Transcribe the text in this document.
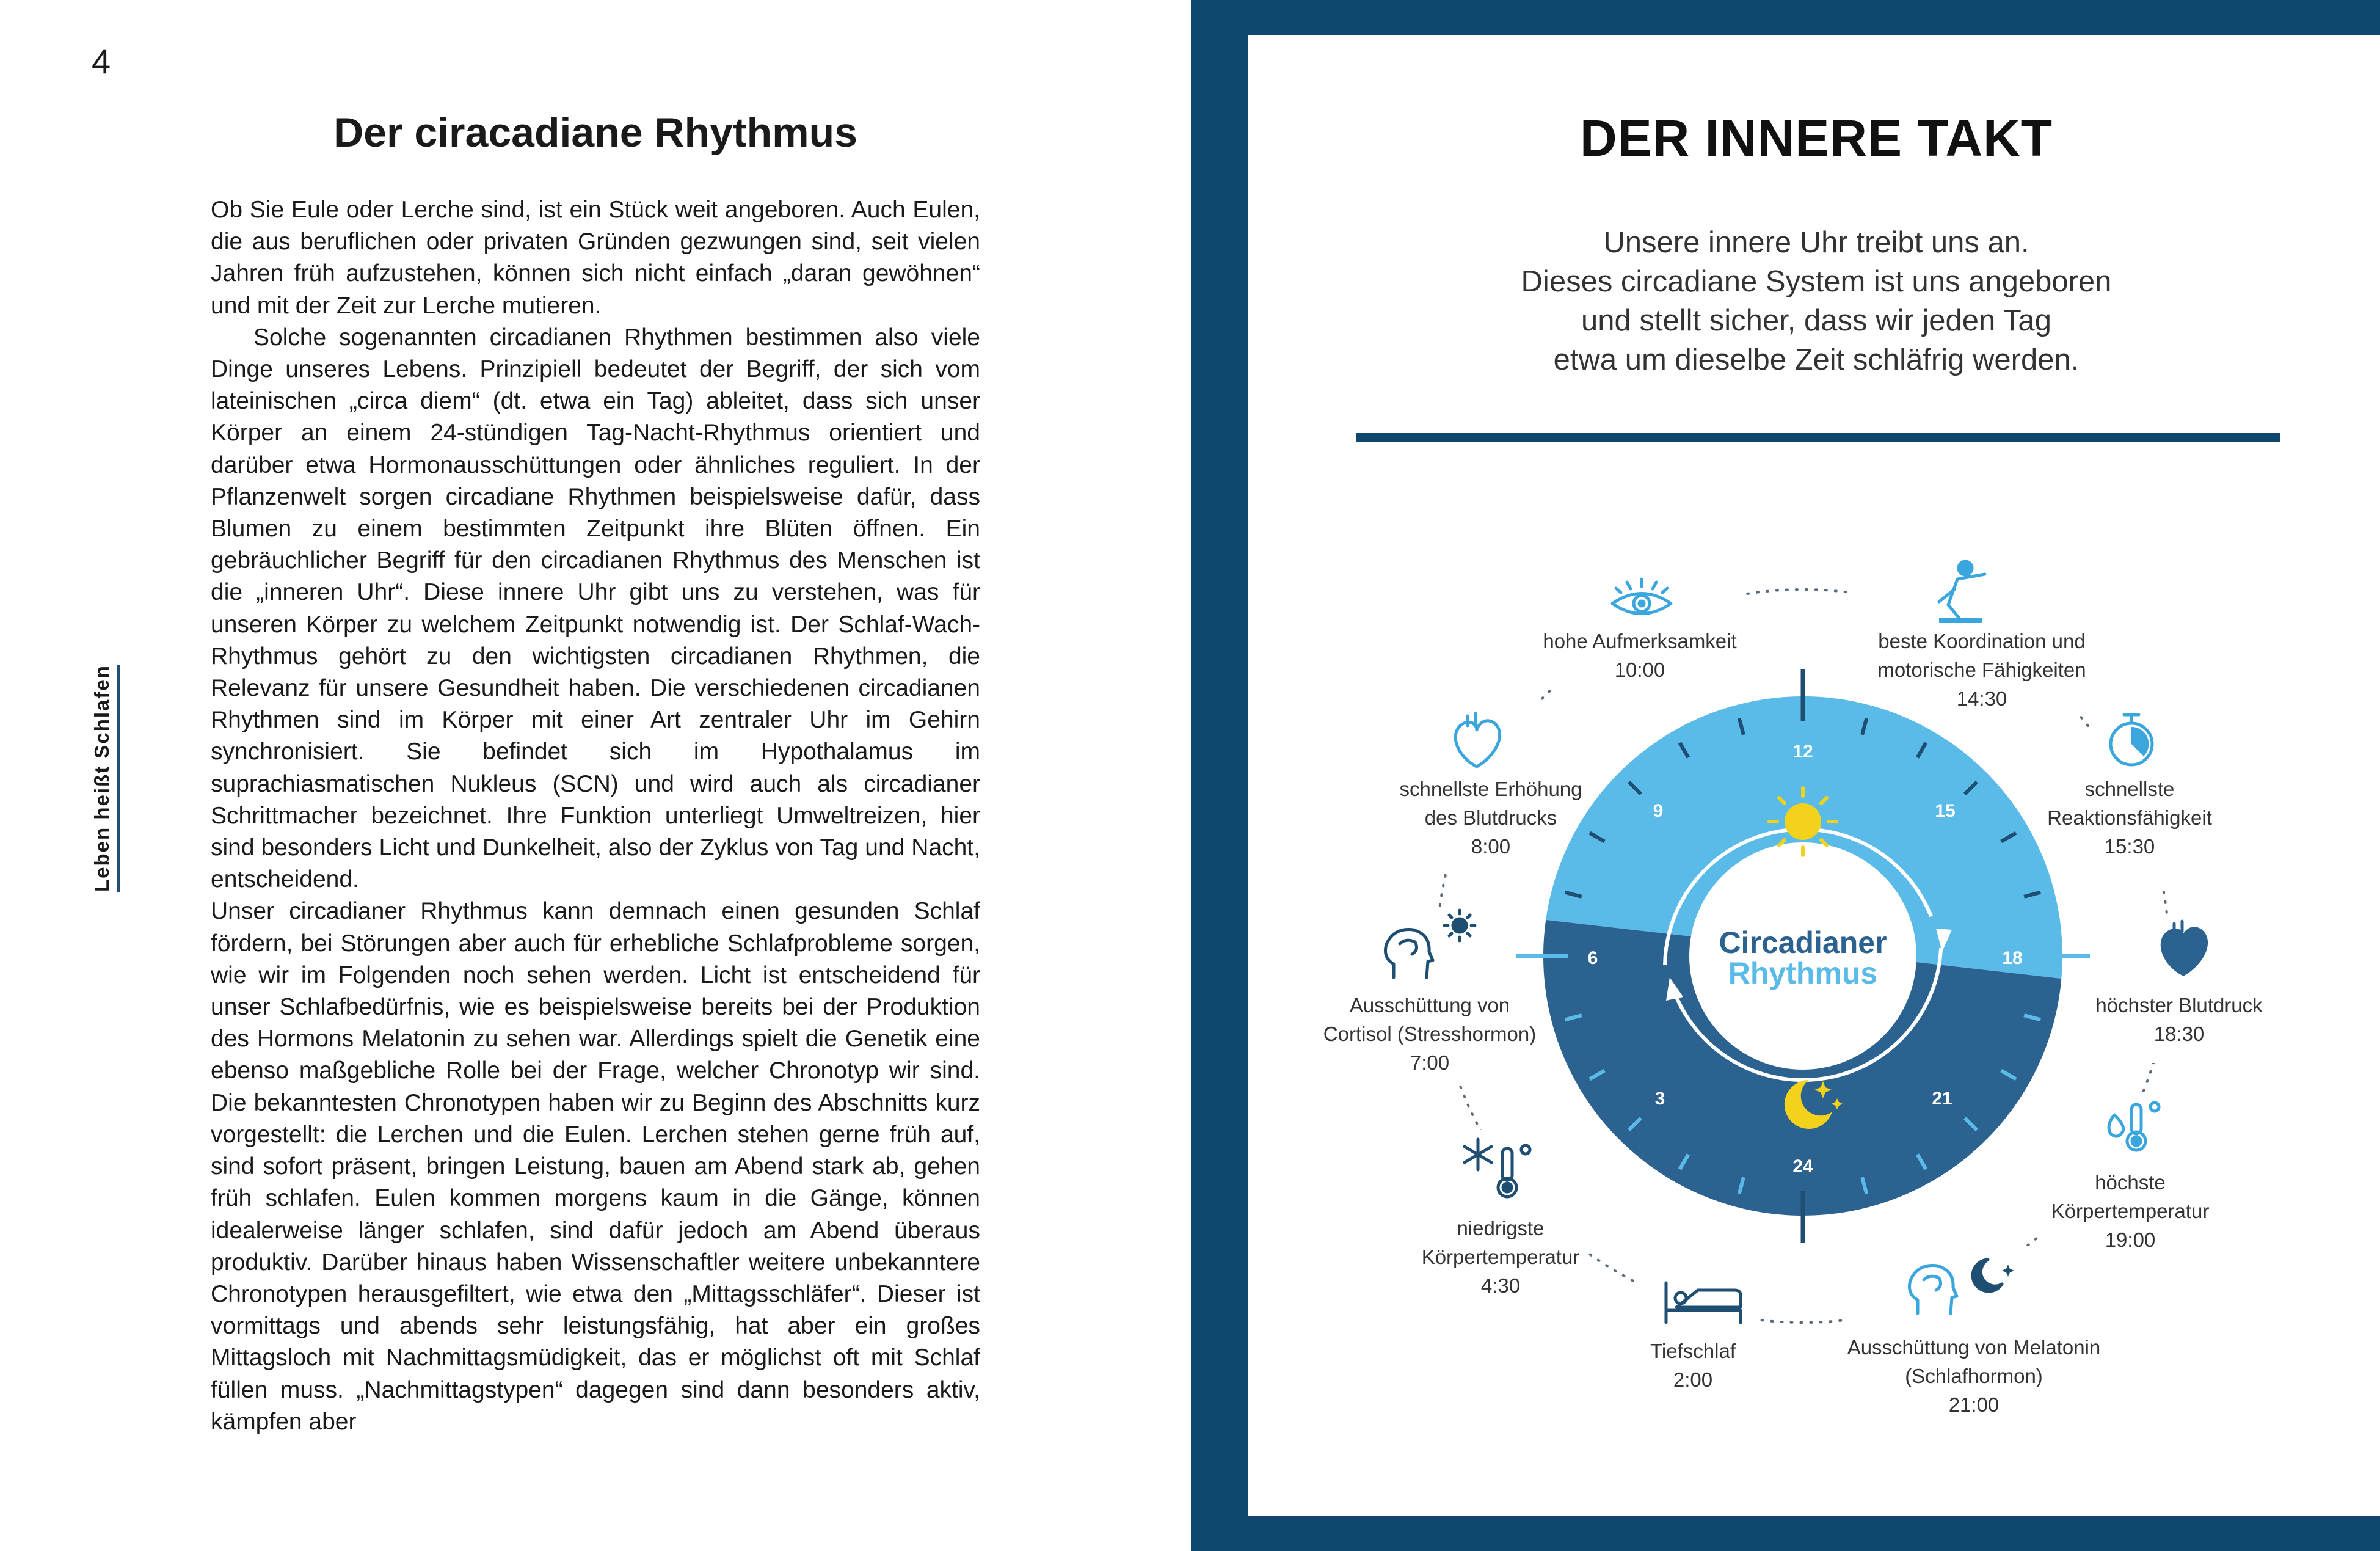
4
Leben heißt Schlafen
Der ciracadiane Rhythmus

Ob Sie Eule oder Lerche sind, ist ein Stück weit angeboren. Auch Eulen, die aus beruflichen oder privaten Gründen gezwungen sind, seit vielen Jahren früh aufzustehen, können sich nicht einfach „daran gewöhnen“ und mit der Zeit zur Lerche mutieren.

Solche sogenannten circadianen Rhythmen bestimmen also viele Dinge unseres Lebens. Prinzipiell bedeutet der Begriff, der sich vom lateinischen „circa diem“ (dt. etwa ein Tag) ableitet, dass sich unser Körper an einem 24-stündigen Tag-Nacht-Rhythmus orientiert und darüber etwa Hormonausschüttungen oder ähnliches reguliert. In der Pflanzenwelt sorgen circadiane Rhythmen beispielsweise dafür, dass Blumen zu einem bestimmten Zeitpunkt ihre Blüten öffnen. Ein gebräuchlicher Begriff für den circadianen Rhythmus des Menschen ist die „inneren Uhr“. Diese innere Uhr gibt uns zu verstehen, was für unseren Körper zu welchem Zeitpunkt notwendig ist. Der Schlaf-Wach-Rhythmus gehört zu den wichtigsten circadianen Rhythmen, die Relevanz für unsere Gesundheit haben. Die verschiedenen circadianen Rhythmen sind im Körper mit einer Art zentraler Uhr im Gehirn synchronisiert. Sie befindet sich im Hypothalamus im suprachiasmatischen Nukleus (SCN) und wird auch als circadianer Schrittmacher bezeichnet. Ihre Funktion unterliegt Umweltreizen, hier sind besonders Licht und Dunkelheit, also der Zyklus von Tag und Nacht, entscheidend.

Unser circadianer Rhythmus kann demnach einen gesunden Schlaf fördern, bei Störungen aber auch für erhebliche Schlafprobleme sorgen, wie wir im Folgenden noch sehen werden. Licht ist entscheidend für unser Schlafbedürfnis, wie es beispielsweise bereits bei der Produktion des Hormons Melatonin zu sehen war. Allerdings spielt die Genetik eine ebenso maßgebliche Rolle bei der Frage, welcher Chronotyp wir sind. Die bekanntesten Chronotypen haben wir zu Beginn des Abschnitts kurz vorgestellt: die Lerchen und die Eulen. Lerchen stehen gerne früh auf, sind sofort präsent, bringen Leistung, bauen am Abend stark ab, gehen früh schlafen. Eulen kommen morgens kaum in die Gänge, können idealerweise länger schlafen, sind dafür jedoch am Abend überaus produktiv. Darüber hinaus haben Wissenschaftler weitere unbekanntere Chronotypen herausgefiltert, wie etwa den „Mittagsschläfer“. Dieser ist vormittags und abends sehr leistungsfähig, hat aber ein großes Mittagsloch mit Nachmittagsmüdigkeit, das er möglichst oft mit Schlaf füllen muss. „Nachmittagstypen“ dagegen sind dann besonders aktiv, kämpfen aber

DER INNERE TAKT
Unsere innere Uhr treibt uns an.
Dieses circadiane System ist uns angeboren
und stellt sicher, dass wir jeden Tag
etwa um dieselbe Zeit schläfrig werden.
12
15
18
21
24
3
6
9
Circadianer
Rhythmus
hohe Aufmerksamkeit
10:00
beste Koordination und
motorische Fähigkeiten
14:30
schnellste
Reaktionsfähigkeit
15:30
höchster Blutdruck
18:30
höchste
Körpertemperatur
19:00
Ausschüttung von Melatonin
(Schlafhormon)
21:00
Tiefschlaf
2:00
niedrigste
Körpertemperatur
4:30
Ausschüttung von
Cortisol (Stresshormon)
7:00
schnellste Erhöhung
des Blutdrucks
8:00
